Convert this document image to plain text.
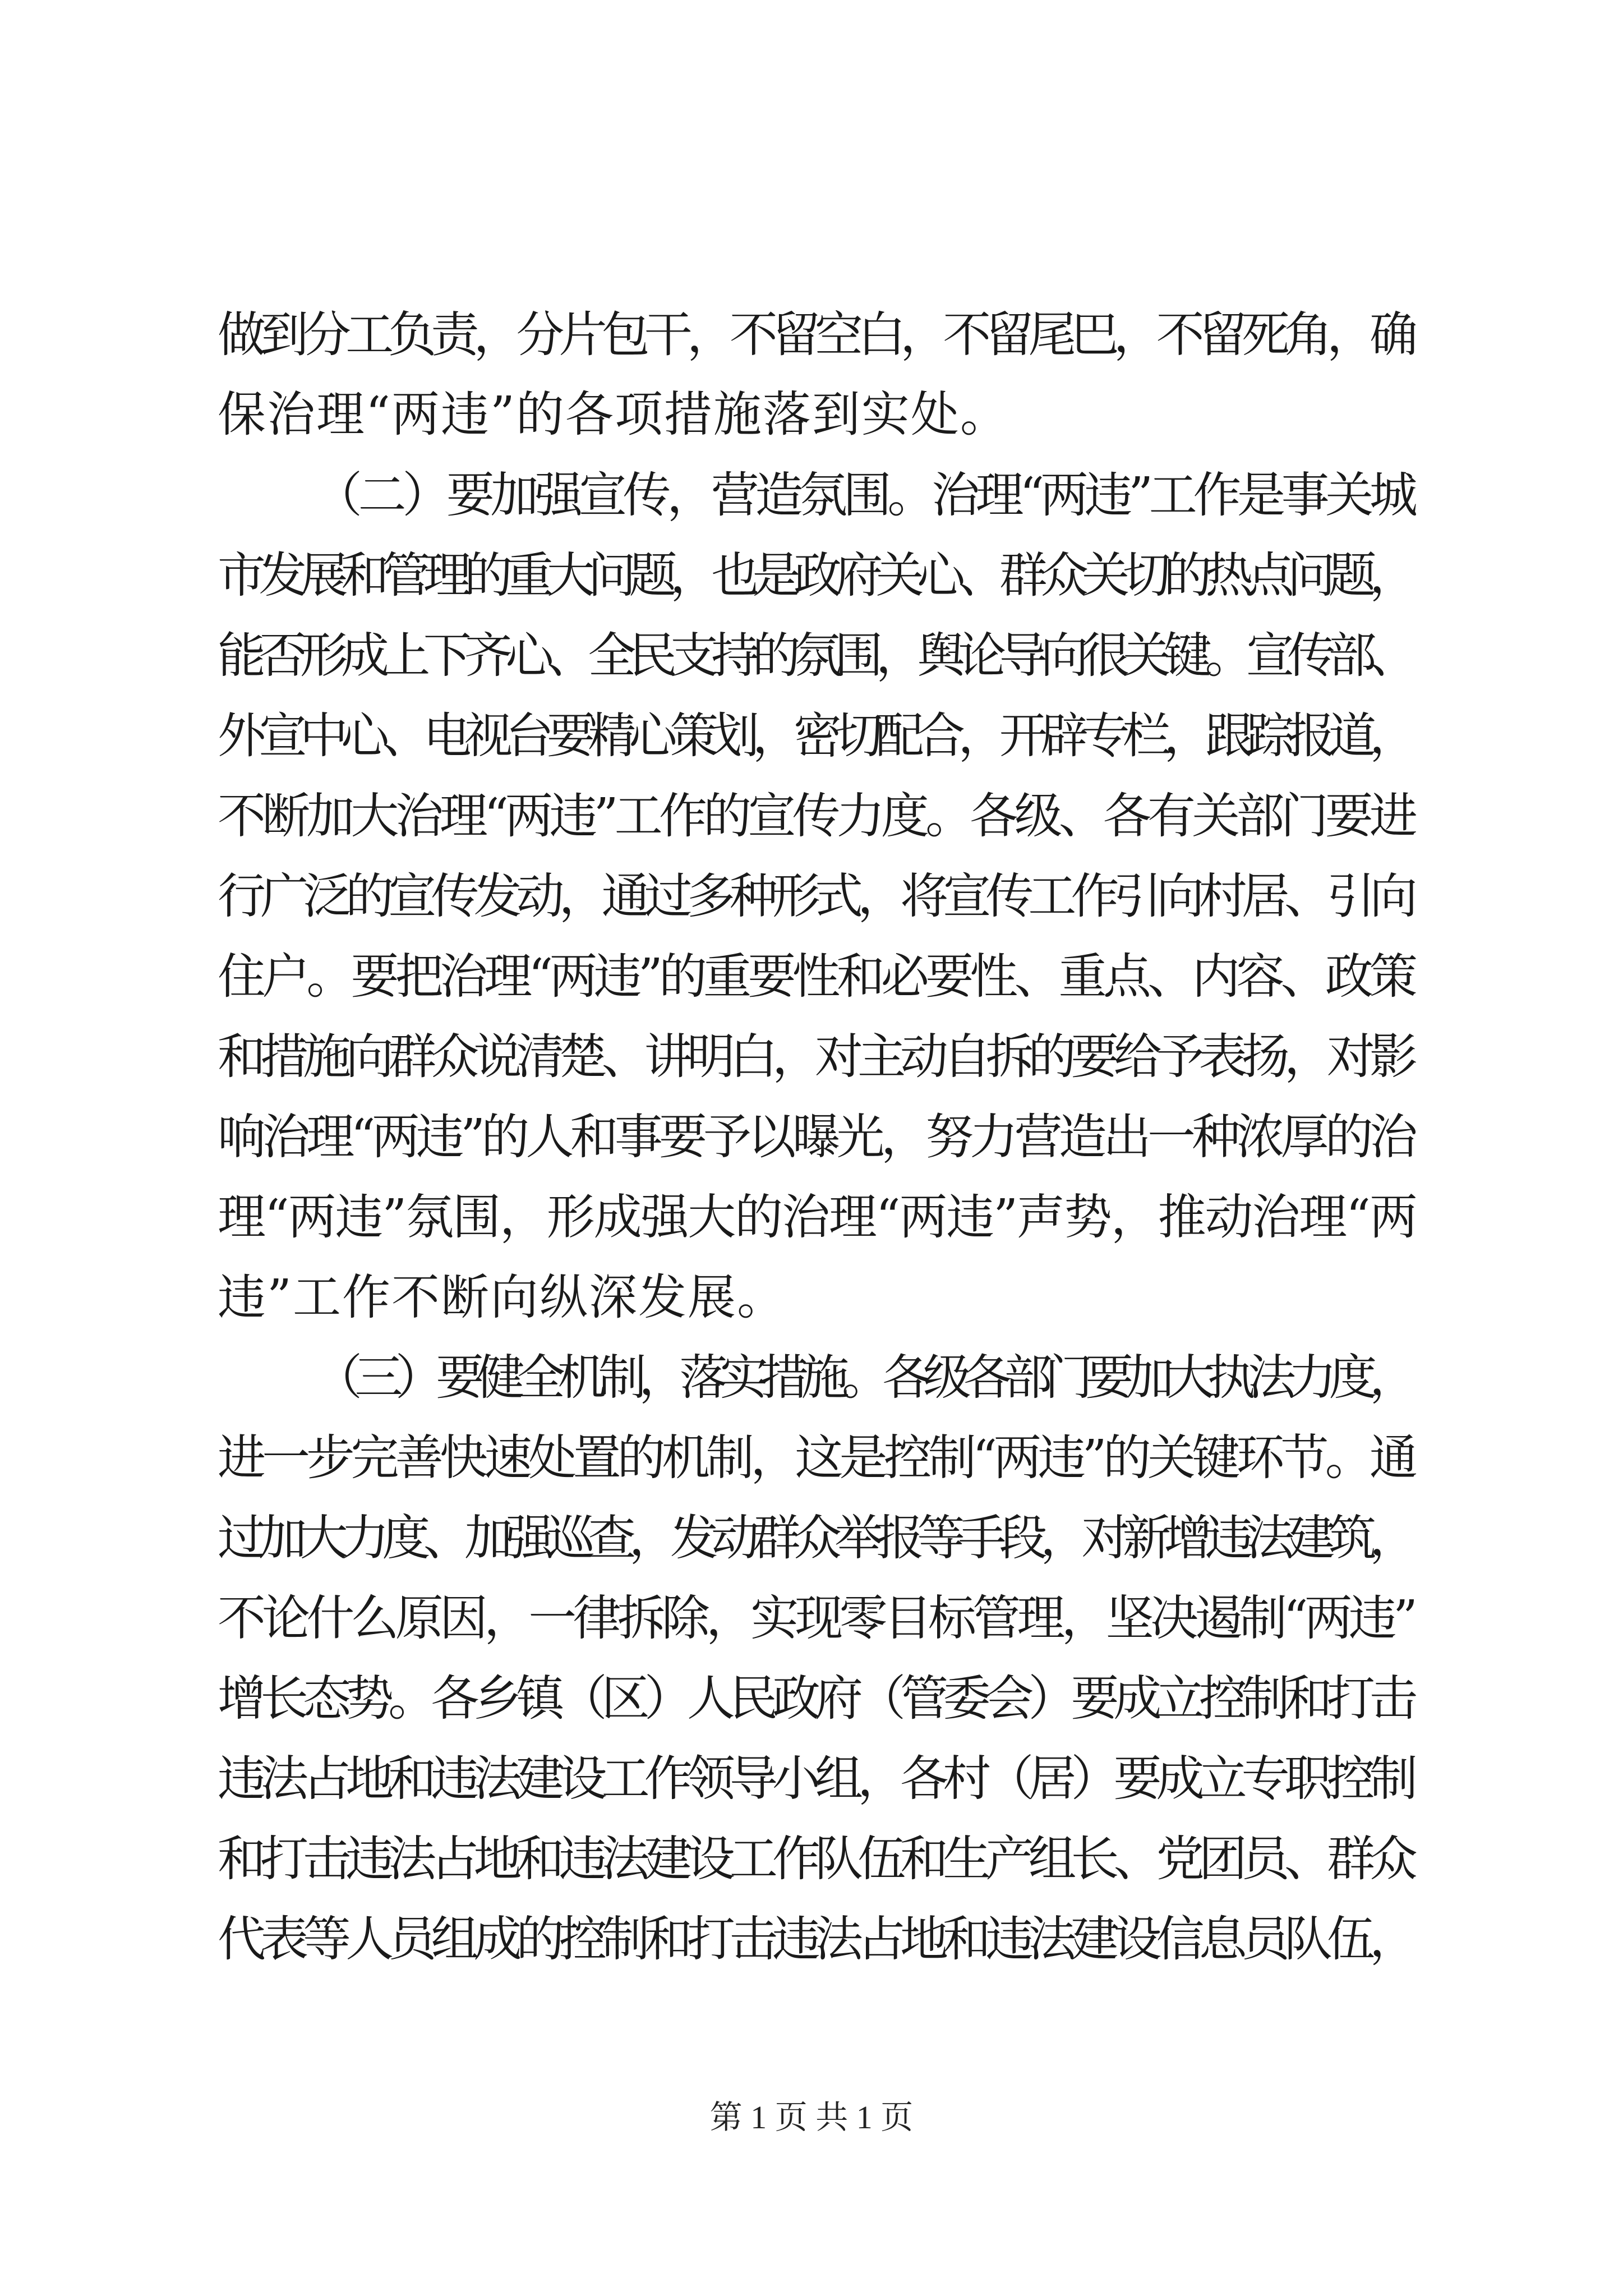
做到分工负责，分片包干，不留空白，不留尾巴，不留死角，确
保治理“两违”的各项措施落到实处。
（二）要加强宣传，营造氛围。治理“两违”工作是事关城
市发展和管理的重大问题，也是政府关心、群众关切的热点问题，
能否形成上下齐心、全民支持的氛围，舆论导向很关键。宣传部、
外宣中心、电视台要精心策划，密切配合，开辟专栏，跟踪报道，
不断加大治理“两违”工作的宣传力度。各级、各有关部门要进
行广泛的宣传发动，通过多种形式，将宣传工作引向村居、引向
住户。要把治理“两违”的重要性和必要性、重点、内容、政策
和措施向群众说清楚、讲明白，对主动自拆的要给予表扬，对影
响治理“两违”的人和事要予以曝光，努力营造出一种浓厚的治
理“两违”氛围，形成强大的治理“两违”声势，推动治理“两
违”工作不断向纵深发展。
（三）要健全机制，落实措施。各级各部门要加大执法力度，
进一步完善快速处置的机制，这是控制“两违”的关键环节。通
过加大力度、加强巡查，发动群众举报等手段，对新增违法建筑，
不论什么原因，一律拆除，实现零目标管理，坚决遏制“两违”
增长态势。各乡镇（区）人民政府（管委会）要成立控制和打击
违法占地和违法建设工作领导小组，各村（居）要成立专职控制
和打击违法占地和违法建设工作队伍和生产组长、党团员、群众
代表等人员组成的控制和打击违法占地和违法建设信息员队伍，
第 1 页 共 1 页
